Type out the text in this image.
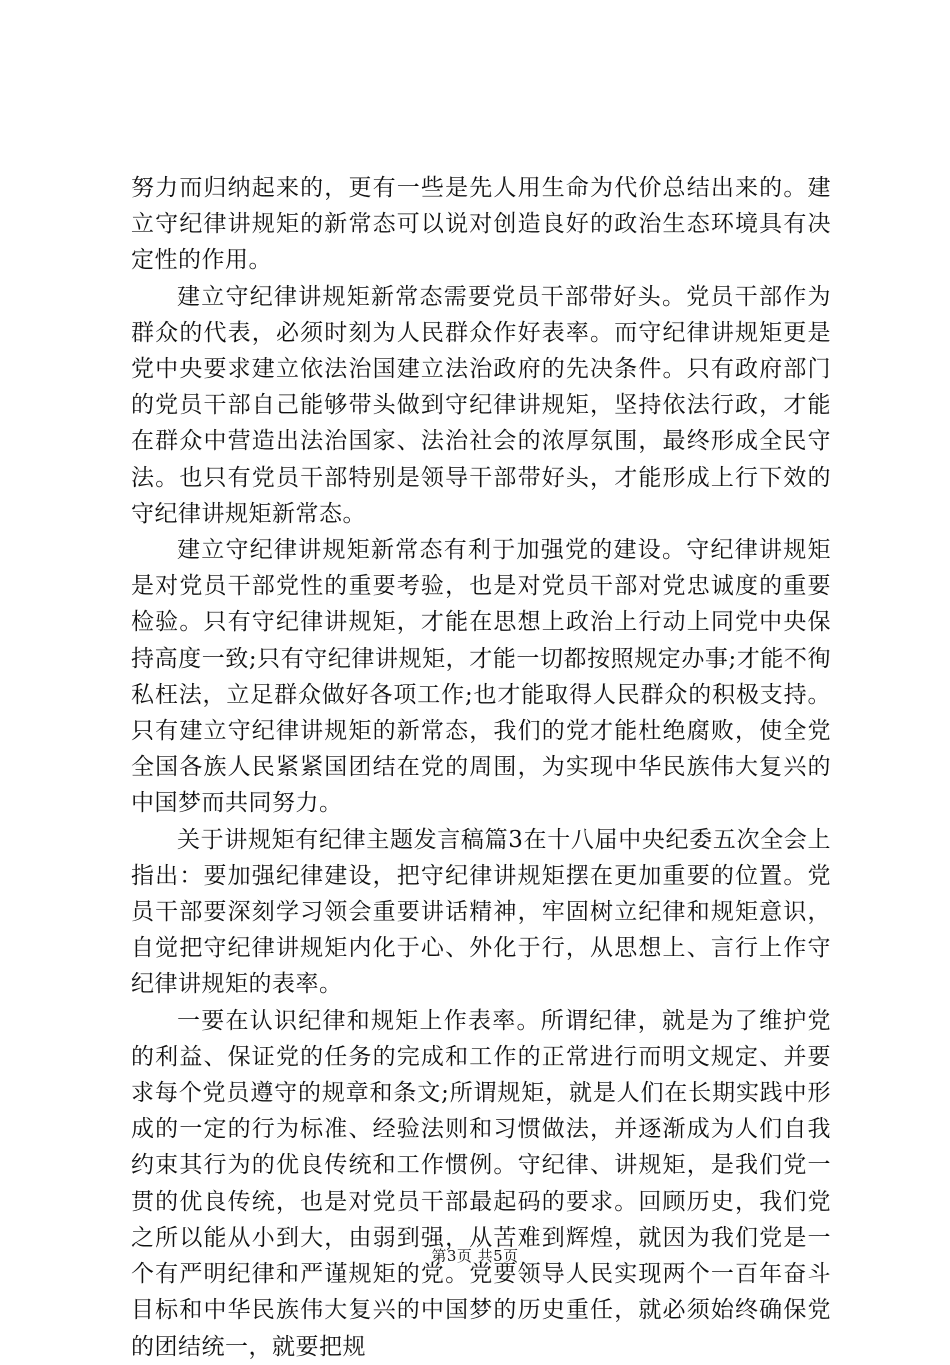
努力而归纳起来的，更有一些是先人用生命为代价总结出来的。建立守纪律讲规矩的新常态可以说对创造良好的政治生态环境具有决定性的作用。

建立守纪律讲规矩新常态需要党员干部带好头。党员干部作为群众的代表，必须时刻为人民群众作好表率。而守纪律讲规矩更是党中央要求建立依法治国建立法治政府的先决条件。只有政府部门的党员干部自己能够带头做到守纪律讲规矩，坚持依法行政，才能在群众中营造出法治国家、法治社会的浓厚氛围，最终形成全民守法。也只有党员干部特别是领导干部带好头，才能形成上行下效的守纪律讲规矩新常态。

建立守纪律讲规矩新常态有利于加强党的建设。守纪律讲规矩是对党员干部党性的重要考验，也是对党员干部对党忠诚度的重要检验。只有守纪律讲规矩，才能在思想上政治上行动上同党中央保持高度一致;只有守纪律讲规矩，才能一切都按照规定办事;才能不徇私枉法，立足群众做好各项工作;也才能取得人民群众的积极支持。只有建立守纪律讲规矩的新常态，我们的党才能杜绝腐败，使全党全国各族人民紧紧国团结在党的周围，为实现中华民族伟大复兴的中国梦而共同努力。

关于讲规矩有纪律主题发言稿篇3在十八届中央纪委五次全会上指出：要加强纪律建设，把守纪律讲规矩摆在更加重要的位置。党员干部要深刻学习领会重要讲话精神，牢固树立纪律和规矩意识，自觉把守纪律讲规矩内化于心、外化于行，从思想上、言行上作守纪律讲规矩的表率。

一要在认识纪律和规矩上作表率。所谓纪律，就是为了维护党的利益、保证党的任务的完成和工作的正常进行而明文规定、并要求每个党员遵守的规章和条文;所谓规矩，就是人们在长期实践中形成的一定的行为标准、经验法则和习惯做法，并逐渐成为人们自我约束其行为的优良传统和工作惯例。守纪律、讲规矩，是我们党一贯的优良传统，也是对党员干部最起码的要求。回顾历史，我们党之所以能从小到大，由弱到强，从苦难到辉煌，就因为我们党是一个有严明纪律和严谨规矩的党。党要领导人民实现两个一百年奋斗目标和中华民族伟大复兴的中国梦的历史重任，就必须始终确保党的团结统一，就要把规

第3页 共5页
